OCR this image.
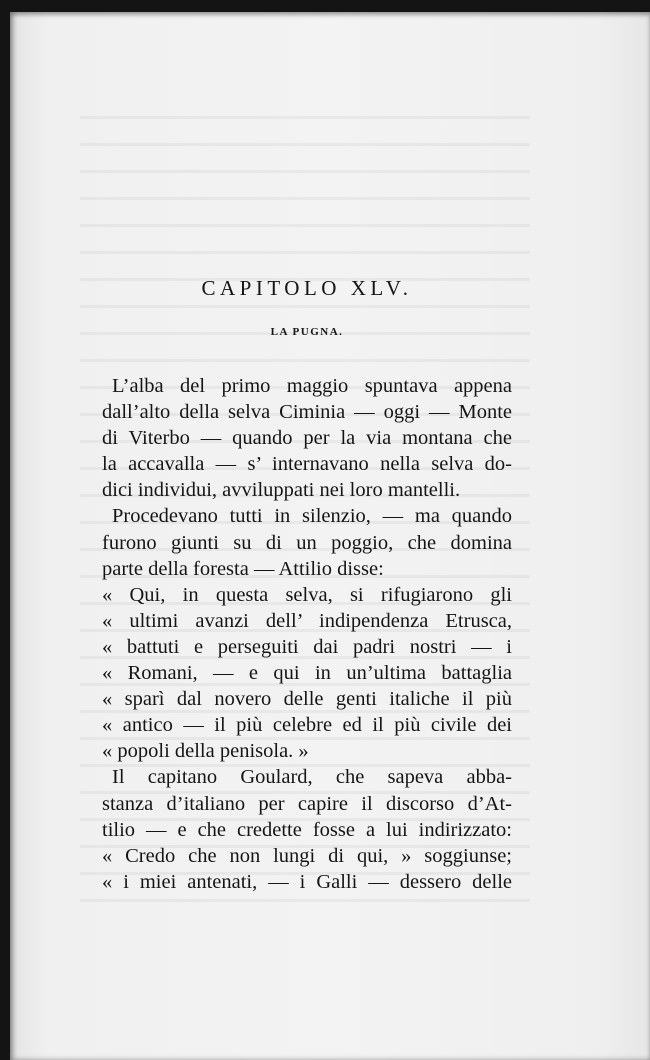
CAPITOLO XLV.
LA PUGNA.
L’alba del primo maggio spuntava appena
dall’alto della selva Ciminia — oggi — Monte
di Viterbo — quando per la via montana che
la accavalla — s’ internavano nella selva do-
dici individui, avviluppati nei loro mantelli.
Procedevano tutti in silenzio, — ma quando
furono giunti su di un poggio, che domina
parte della foresta — Attilio disse:
« Qui, in questa selva, si rifugiarono gli
« ultimi avanzi dell’ indipendenza Etrusca,
« battuti e perseguiti dai padri nostri — i
« Romani, — e qui in un’ultima battaglia
« sparì dal novero delle genti italiche il più
« antico — il più celebre ed il più civile dei
« popoli della penisola. »
Il capitano Goulard, che sapeva abba-
stanza d’italiano per capire il discorso d’At-
tilio — e che credette fosse a lui indirizzato:
« Credo che non lungi di qui, » soggiunse;
« i miei antenati, — i Galli — dessero delle
